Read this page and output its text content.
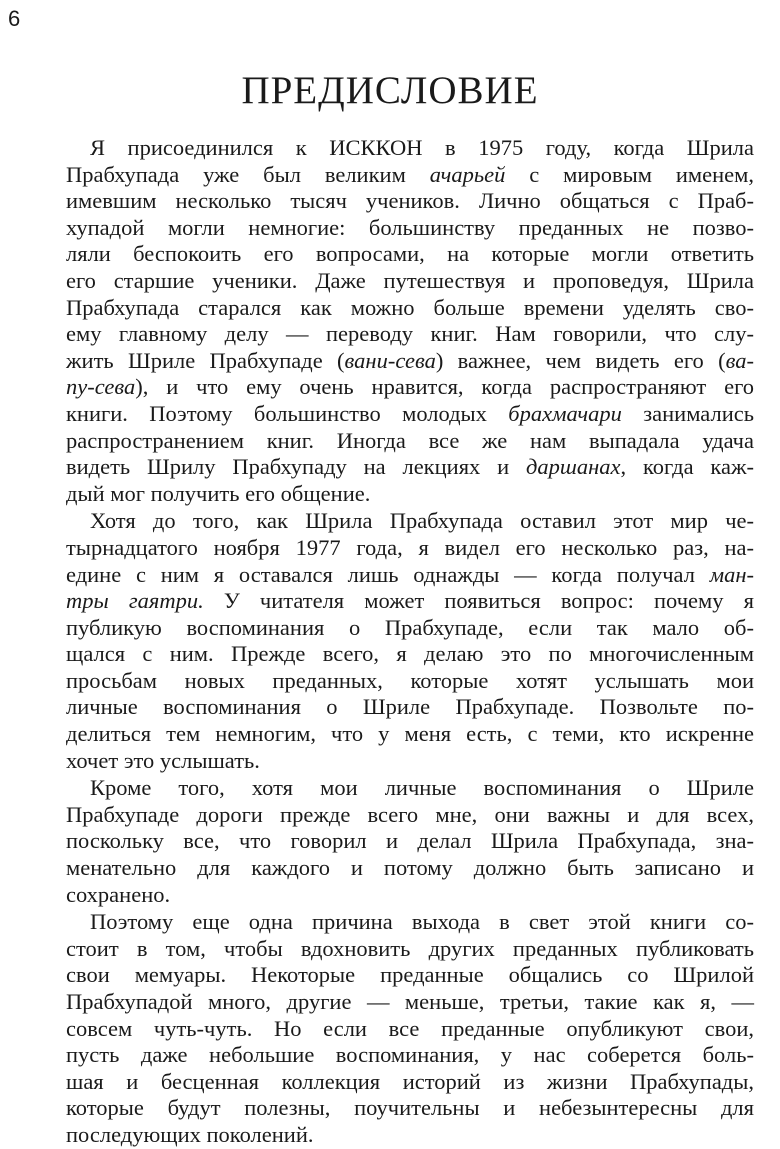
6
ПРЕДИСЛОВИЕ
Я присоединился к ИСККОН в 1975 году, когда Шрила
Прабхупада уже был великим ачарьей с мировым именем,
имевшим несколько тысяч учеников. Лично общаться с Праб-
хупадой могли немногие: большинству преданных не позво-
ляли беспокоить его вопросами, на которые могли ответить
его старшие ученики. Даже путешествуя и проповедуя, Шрила
Прабхупада старался как можно больше времени уделять сво-
ему главному делу — переводу книг. Нам говорили, что слу-
жить Шриле Прабхупаде (вани-сева) важнее, чем видеть его (ва-
пу-сева), и что ему очень нравится, когда распространяют его
книги. Поэтому большинство молодых брахмачари занимались
распространением книг. Иногда все же нам выпадала удача
видеть Шрилу Прабхупаду на лекциях и даршанах, когда каж-
дый мог получить его общение.
Хотя до того, как Шрила Прабхупада оставил этот мир че-
тырнадцатого ноября 1977 года, я видел его несколько раз, на-
едине с ним я оставался лишь однажды — когда получал ман-
тры гаятри. У читателя может появиться вопрос: почему я
публикую воспоминания о Прабхупаде, если так мало об-
щался с ним. Прежде всего, я делаю это по многочисленным
просьбам новых преданных, которые хотят услышать мои
личные воспоминания о Шриле Прабхупаде. Позвольте по-
делиться тем немногим, что у меня есть, с теми, кто искренне
хочет это услышать.
Кроме того, хотя мои личные воспоминания о Шриле
Прабхупаде дороги прежде всего мне, они важны и для всех,
поскольку все, что говорил и делал Шрила Прабхупада, зна-
менательно для каждого и потому должно быть записано и
сохранено.
Поэтому еще одна причина выхода в свет этой книги со-
стоит в том, чтобы вдохновить других преданных публиковать
свои мемуары. Некоторые преданные общались со Шрилой
Прабхупадой много, другие — меньше, третьи, такие как я, —
совсем чуть-чуть. Но если все преданные опубликуют свои,
пусть даже небольшие воспоминания, у нас соберется боль-
шая и бесценная коллекция историй из жизни Прабхупады,
которые будут полезны, поучительны и небезынтересны для
последующих поколений.
